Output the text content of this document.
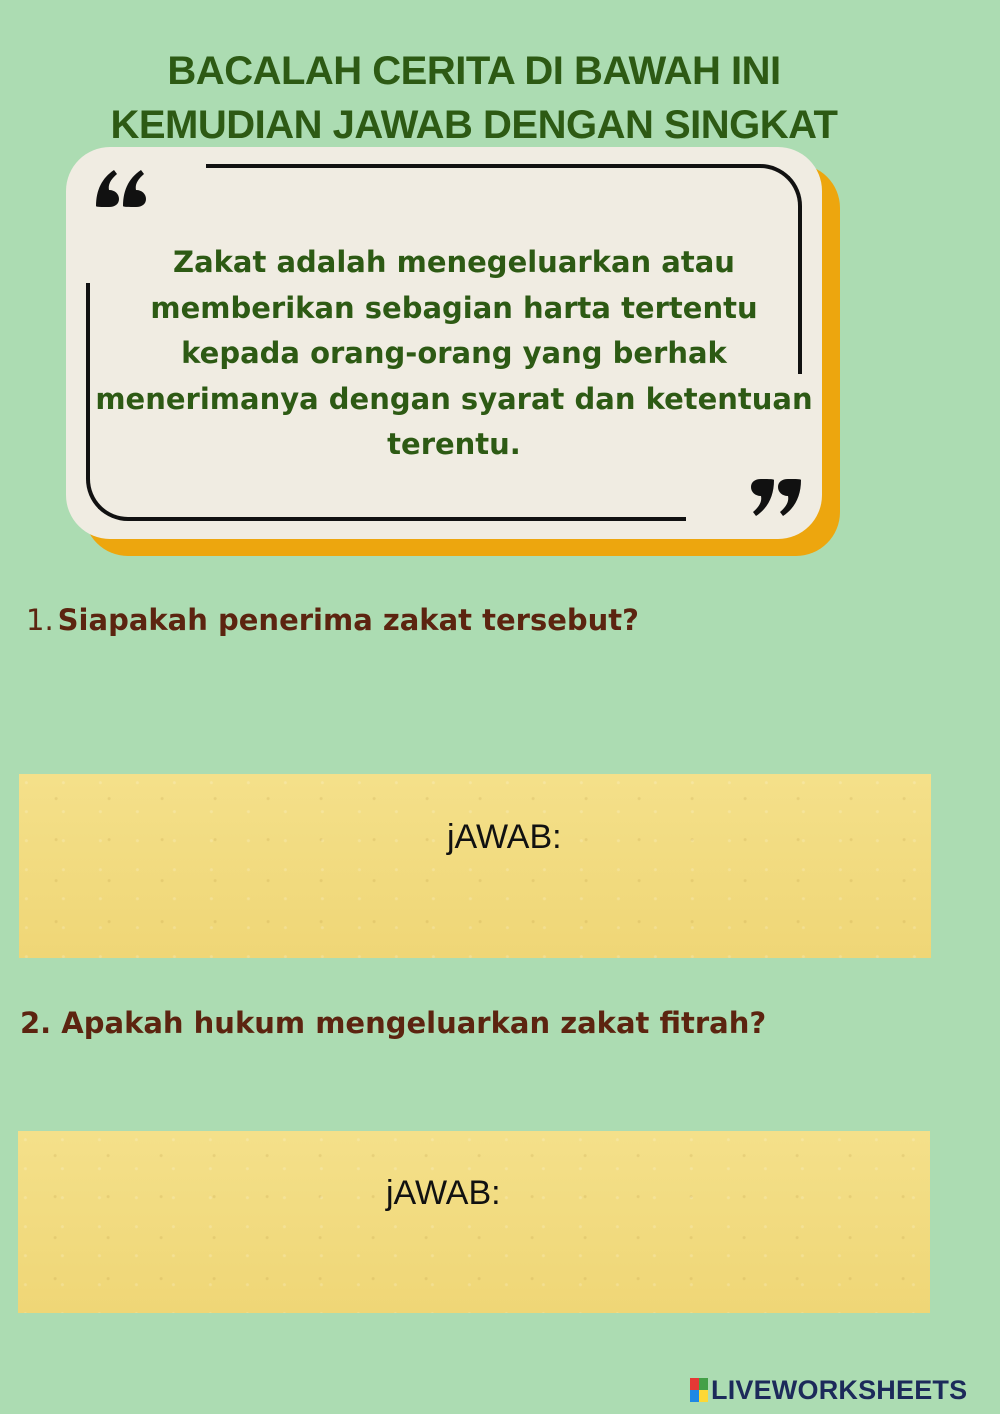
BACALAH CERITA DI BAWAH INI
KEMUDIAN JAWAB DENGAN SINGKAT
Zakat adalah menegeluarkan atau
memberikan sebagian harta tertentu
kepada orang-orang yang berhak
menerimanya dengan syarat dan ketentuan
terentu.
1. Siapakah penerima zakat tersebut?
jAWAB:
2. Apakah hukum mengeluarkan zakat fitrah?
jAWAB:
LIVEWORKSHEETS
